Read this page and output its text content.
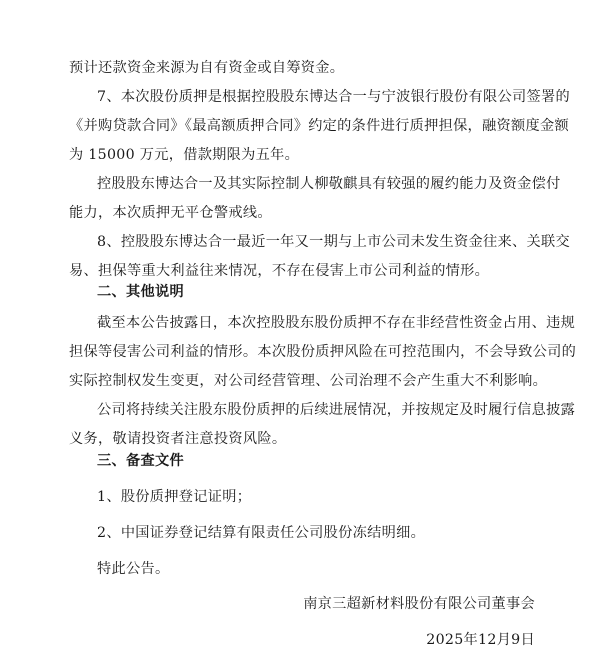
预计还款资金来源为自有资金或自筹资金。
7、本次股份质押是根据控股股东博达合一与宁波银行股份有限公司签署的
《并购贷款合同》《最高额质押合同》约定的条件进行质押担保，融资额度金额
为 15000 万元，借款期限为五年。
控股股东博达合一及其实际控制人柳敬麒具有较强的履约能力及资金偿付
能力，本次质押无平仓警戒线。
8、控股股东博达合一最近一年又一期与上市公司未发生资金往来、关联交
易、担保等重大利益往来情况，不存在侵害上市公司利益的情形。
二、其他说明
截至本公告披露日，本次控股股东股份质押不存在非经营性资金占用、违规
担保等侵害公司利益的情形。本次股份质押风险在可控范围内，不会导致公司的
实际控制权发生变更，对公司经营管理、公司治理不会产生重大不利影响。
公司将持续关注股东股份质押的后续进展情况，并按规定及时履行信息披露
义务，敬请投资者注意投资风险。
三、备查文件
1、股份质押登记证明；
2、中国证券登记结算有限责任公司股份冻结明细。
特此公告。
南京三超新材料股份有限公司董事会
2025年12月9日
